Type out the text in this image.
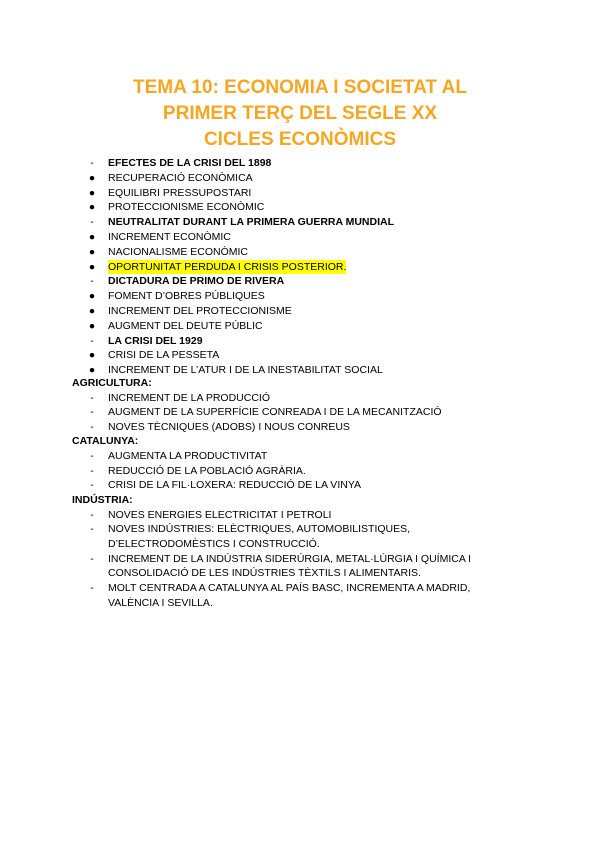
TEMA 10: ECONOMIA I SOCIETAT AL
PRIMER TERÇ DEL SEGLE XX
CICLES ECONÒMICS
-	EFECTES DE LA CRISI DEL 1898
●	RECUPERACIÓ ECONÒMICA
●	EQUILIBRI PRESSUPOSTARI
●	PROTECCIONISME ECONÒMIC
-	NEUTRALITAT DURANT LA PRIMERA GUERRA MUNDIAL
●	INCREMENT ECONÒMIC
●	NACIONALISME ECONÒMIC
●	OPORTUNITAT PERDUDA I CRISIS POSTERIOR.
-	DICTADURA DE PRIMO DE RIVERA
●	FOMENT D’OBRES PÚBLIQUES
●	INCREMENT DEL PROTECCIONISME
●	AUGMENT DEL DEUTE PÚBLIC
-	LA CRISI DEL 1929
●	CRISI DE LA PESSETA
●	INCREMENT DE L’ATUR I DE LA INESTABILITAT SOCIAL
AGRICULTURA:
-	INCREMENT DE LA PRODUCCIÓ
-	AUGMENT DE LA SUPERFÍCIE CONREADA I DE LA MECANITZACIÓ
-	NOVES TÈCNIQUES (ADOBS) I NOUS CONREUS
CATALUNYA:
-	AUGMENTA LA PRODUCTIVITAT
-	REDUCCIÓ DE LA POBLACIÓ AGRÀRIA.
-	CRISI DE LA FIL·LOXERA: REDUCCIÓ DE LA VINYA
INDÚSTRIA:
-	NOVES ENERGIES ELECTRICITAT I PETROLI
-	NOVES INDÚSTRIES: ELÈCTRIQUES, AUTOMOBILISTIQUES,
D’ELECTRODOMÈSTICS I CONSTRUCCIÓ.
-	INCREMENT DE LA INDÚSTRIA SIDERÚRGIA, METAL·LÚRGIA I QUÍMICA I
CONSOLIDACIÓ DE LES INDÚSTRIES TÈXTILS I ALIMENTARIS.
-	MOLT CENTRADA A CATALUNYA AL PAÍS BASC, INCREMENTA A MADRID,
VALÈNCIA I SEVILLA.
